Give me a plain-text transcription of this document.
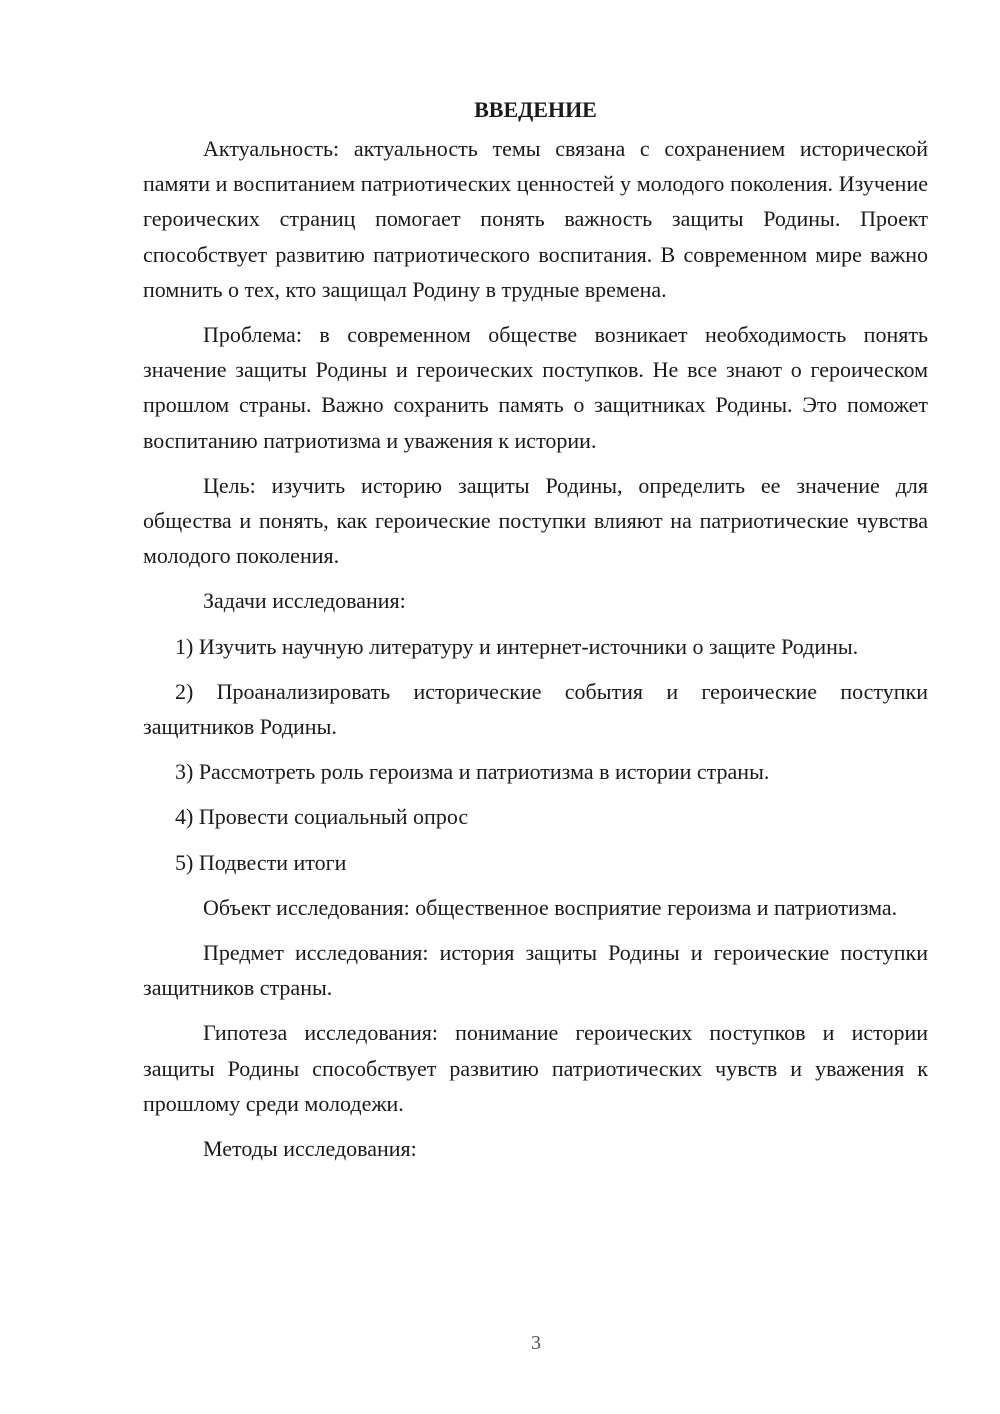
ВВЕДЕНИЕ

Актуальность: актуальность темы связана с сохранением исторической памяти и воспитанием патриотических ценностей у молодого поколения. Изучение героических страниц помогает понять важность защиты Родины. Проект способствует развитию патриотического воспитания. В современном мире важно помнить о тех, кто защищал Родину в трудные времена.

Проблема: в современном обществе возникает необходимость понять значение защиты Родины и героических поступков. Не все знают о героическом прошлом страны. Важно сохранить память о защитниках Родины. Это поможет воспитанию патриотизма и уважения к истории.

Цель: изучить историю защиты Родины, определить ее значение для общества и понять, как героические поступки влияют на патриотические чувства молодого поколения.

Задачи исследования:

1) Изучить научную литературу и интернет-источники о защите Родины.

2) Проанализировать исторические события и героические поступки защитников Родины.

3) Рассмотреть роль героизма и патриотизма в истории страны.

4) Провести социальный опрос

5) Подвести итоги

Объект исследования: общественное восприятие героизма и патриотизма.

Предмет исследования: история защиты Родины и героические поступки защитников страны.

Гипотеза исследования: понимание героических поступков и истории защиты Родины способствует развитию патриотических чувств и уважения к прошлому среди молодежи.

Методы исследования:

3
